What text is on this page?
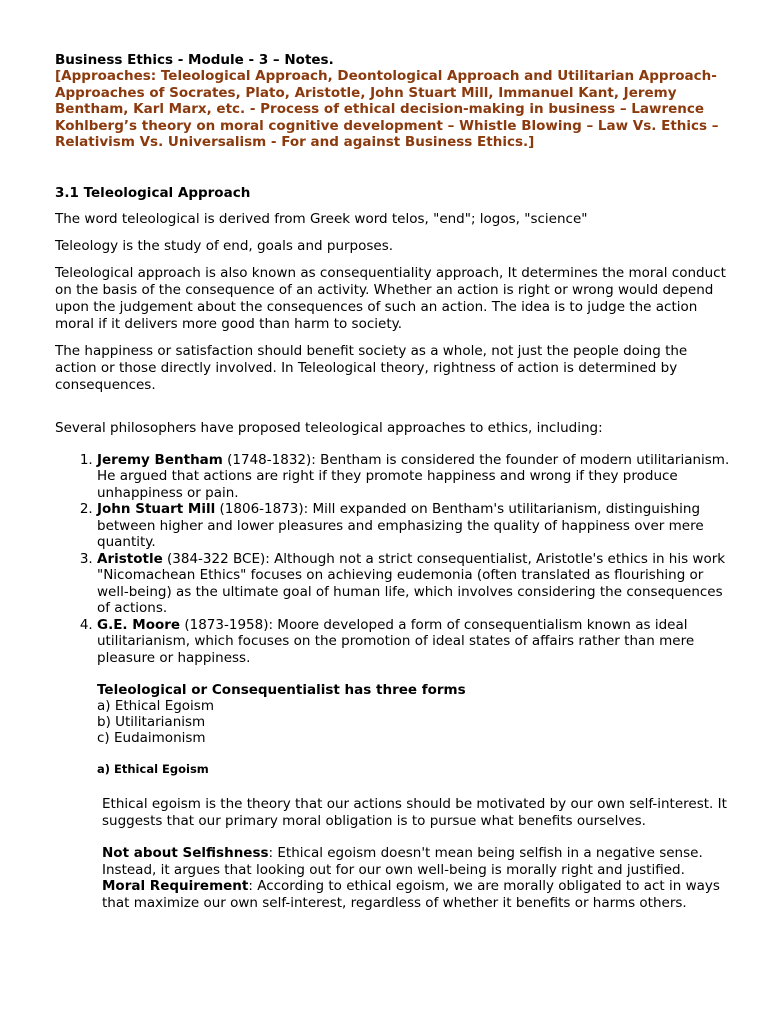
Business Ethics - Module - 3 – Notes.
[Approaches: Teleological Approach, Deontological Approach and Utilitarian Approach- Approaches of Socrates, Plato, Aristotle, John Stuart Mill, Immanuel Kant, Jeremy Bentham, Karl Marx, etc. - Process of ethical decision-making in business – Lawrence Kohlberg’s theory on moral cognitive development – Whistle Blowing – Law Vs. Ethics – Relativism Vs. Universalism - For and against Business Ethics.]
3.1 Teleological Approach

The word teleological is derived from Greek word telos, "end"; logos, "science"

Teleology is the study of end, goals and purposes.

Teleological approach is also known as consequentiality approach, It determines the moral conduct on the basis of the consequence of an activity. Whether an action is right or wrong would depend upon the judgement about the consequences of such an action. The idea is to judge the action moral if it delivers more good than harm to society.

The happiness or satisfaction should benefit society as a whole, not just the people doing the action or those directly involved. In Teleological theory, rightness of action is determined by consequences.

Several philosophers have proposed teleological approaches to ethics, including:

1. Jeremy Bentham (1748-1832): Bentham is considered the founder of modern utilitarianism. He argued that actions are right if they promote happiness and wrong if they produce unhappiness or pain.
2. John Stuart Mill (1806-1873): Mill expanded on Bentham's utilitarianism, distinguishing between higher and lower pleasures and emphasizing the quality of happiness over mere quantity.
3. Aristotle (384-322 BCE): Although not a strict consequentialist, Aristotle's ethics in his work "Nicomachean Ethics" focuses on achieving eudemonia (often translated as flourishing or well-being) as the ultimate goal of human life, which involves considering the consequences of actions.
4. G.E. Moore (1873-1958): Moore developed a form of consequentialism known as ideal utilitarianism, which focuses on the promotion of ideal states of affairs rather than mere pleasure or happiness.
Teleological or Consequentialist has three forms
a) Ethical Egoism
b) Utilitarianism
c) Eudaimonism
a) Ethical Egoism
Ethical egoism is the theory that our actions should be motivated by our own self-interest. It suggests that our primary moral obligation is to pursue what benefits ourselves.
Not about Selfishness: Ethical egoism doesn't mean being selfish in a negative sense. Instead, it argues that looking out for our own well-being is morally right and justified.
Moral Requirement: According to ethical egoism, we are morally obligated to act in ways that maximize our own self-interest, regardless of whether it benefits or harms others.
